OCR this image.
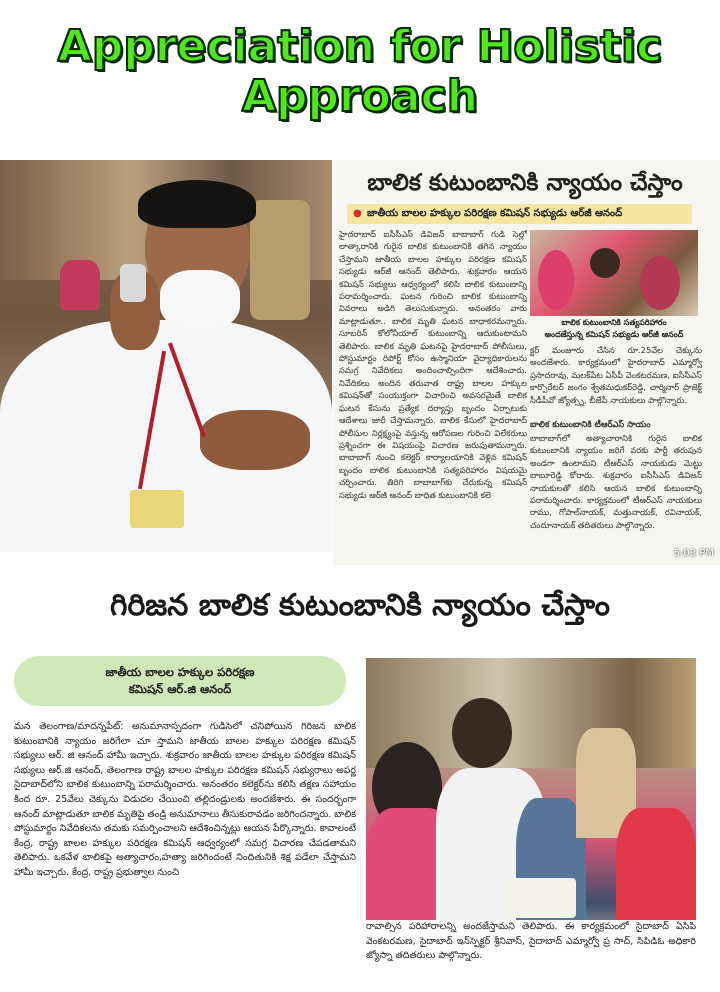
Appreciation for Holistic Approach
బాలిక కుటుంబానికి న్యాయం చేస్తాం
● జాతీయ బాలల హక్కుల పరిరక్షణ కమిషన్ సభ్యుడు ఆర్‌జీ ఆనంద్
హైదరాబాద్ ఐసీసీఎస్ డివిజన్ బాబాబాగ్ గుడి సెల్లో లాత్కారానికి గురైన బాలిక కుటుంబానికి తగిన న్యాయం చేస్తామని జాతీయ బాలల హక్కుల పరిరక్షణ కమిషన్ సభ్యుడు ఆర్‌జీ ఆనంద్ తెలిపారు. శుక్రవారం ఆయన కమిషన్ సభ్యులు ఆధ్వర్యంలో కలిసి బాలిక కుటుంబాన్ని పరామర్శించారు. ఘటన గురించి బాలిక కుటుంబాన్ని వివరాలు అడిగి తెలుసుకున్నారు. అనంతరం వారు మాట్లాడుతూ.. బాలిక మృతి ఘటన బాధాకరమన్నారు. సూబరిన్ కోలోనీయాల్ కుటుంబాన్ని ఆదుకుంటామని తెలిపారు. బాలిక మృతి ఘటనపై హైదరాబాద్ పోలీసులు, పోస్టుమార్టం రిపోర్ట్ కోసం ఉస్మానియా వైద్యాధికారులను సమగ్ర నివేదికలు అందించాల్సిందిగా ఆదేశించారు. నివేదికలు అందిన తరువాత రాష్ట్ర బాలల హక్కుల కమిషన్‌తో సంయుక్తంగా విచారించి అవసరమైతే బాలిక ఘటన కేసును ప్రత్యేక దర్యాప్తు బృందం ఏర్పాటుకు ఆదేశాలు జారీ చేస్తామన్నారు. బాలిక కేసులో హైదరాబాద్ పోలీసుల నిర్లక్ష్యంపై వస్తున్న ఆరోపణల గురించి విలేకరులు ప్రశ్నించగా ఈ విషయంపై విచారణ జరుపుతామన్నారు. బాబాబాగ్ నుంచి కలెక్టర్ కార్యాలయానికి వెళ్లిన కమిషన్ బృందం బాలిక కుటుంబానికి సత్యపరిహారం విషయమై చర్చించారు. తిరిగి బాబాబాగ్‌కు చేరుకున్న కమిషన్ సభ్యుడు ఆర్‌జీ ఆనంద్ బాధిత కుటుంబానికి కలె
బాలిక కుటుంబానికి సత్యపరిహారం
అందజేస్తున్న కమిషన్ సభ్యుడు ఆర్‌జీ ఆనంద్
క్టర్ మంజూరు చేసిన రూ.25వేల చెక్కును అందజేశారు. కార్యక్రమంలో హైదరాబాద్ ఎమ్మార్వో ప్రసాదరావు, మలక్‌పేట ఏసీపీ వెంకటరమణ, ఐసీసీఎస్ కార్పొరేటర్ జంగం శ్వేతమధుకర్‌రెడ్డి, చార్మినార్ ప్రాజెక్ట్ సీడీపీవో జ్యోత్స్న, బీజేపీ నాయకులు పాల్గొన్నారు.
బాలిక కుటుంబానికి టీఆర్‌ఎస్ సాయం
బాబాబాగ్‌లో అత్యాచారానికి గురైన బాలిక కుటుంబానికి న్యాయం జరిగే వరకు పార్టీ తరుపున అండగా ఉంటామని టీఆర్‌ఎస్ నాయకుడు మెట్టు బాబూరెడ్డి కోరారు. శుక్రవారం ఐసీసీఎస్ డివిజన్ నాయకులతో కలిసి ఆయన బాలిక కుటుంబాన్ని పరామర్శించారు. కార్యక్రమంలో టీఆర్‌ఎస్ నాయకులు రాము, గోపాల్‌నాయక్, మత్తునాయక్, రవినాయక్, చందూనాయక్ తదితరులు పాల్గొన్నారు.
5:03 PM
గిరిజన బాలిక కుటుంబానికి న్యాయం చేస్తాం
జాతీయ బాలల హక్కుల పరిరక్షణ
కమిషన్ ఆర్.జి ఆనంద్
మన తెలంగాణ/మాదన్నపేట్: అనుమానాస్పదంగా గుడిసెలో చనిపోయిన గిరిజన బాలిక కుటుంబానికి న్యాయం జరిగేలా చూ స్తామని జాతీయ బాలల హక్కుల పరిరక్షణ కమిషన్ సభ్యులు ఆర్. జి ఆనంద్ హామీ ఇచ్చారు. శుక్రవారం జాతీయ బాలల హక్కుల పరిరక్షణ కమిషన్ సభ్యులు ఆర్.జి ఆనంద్, తెలంగాణ రాష్ట్ర బాలల హక్కుల పరిరక్షణ కమిషన్ సభ్యురాలు అపర్ణ సైదాబాద్‌లోని బాలిక కుటుంబాన్ని పరామర్శించారు. అనంతరం కలెక్టర్‌ను కలిసి తక్షణ సహాయం కింద రూ. 25వేలు చెక్కును విడుదల చేయించి తల్లిదండ్రులకు అందజేశారు. ఈ సందర్భంగా ఆనంద్ మాట్లాడుతూ బాలిక మృతిపై తండ్రి అనుమానాలు తీసుకురావడం జరిగిందన్నారు. బాలిక పోస్టుమార్టం నివేదికలను తమకు సమర్పించాలని ఆదేశించిన్నట్లు ఆయన పేర్కొన్నారు. కావాలంటే కేంద్ర, రాష్ట్ర బాలల హక్కుల పరిరక్షణ కమిషన్ ఆధ్వర్యంలో సమగ్ర విచారణ చేపడతామని తెలిపారు. ఒకవేళ బాలికపై అత్యాచారం,హత్యా జరిగిందంటే నిందితునికి శిక్ష పడేలా చేస్తామని హామీ ఇచ్చారు. కేంద్ర, రాష్ట్ర ప్రభుత్వాల నుంచి
రావాల్సిన పరిహారాలన్ని అందజేస్తామని తెలిపారు. ఈ కార్యక్రమంలో సైదాబాద్ ఏసిపి వెంకటరమణ, సైదాబాద్ ఇన్‌స్పెక్టర్ శ్రీనివాస్, సైదాబాద్ ఎమ్మార్వో ప్ర సాద్, సిపిడిఓ అధికారి జ్యోస్నా తదితరులు పాల్గొన్నారు.
